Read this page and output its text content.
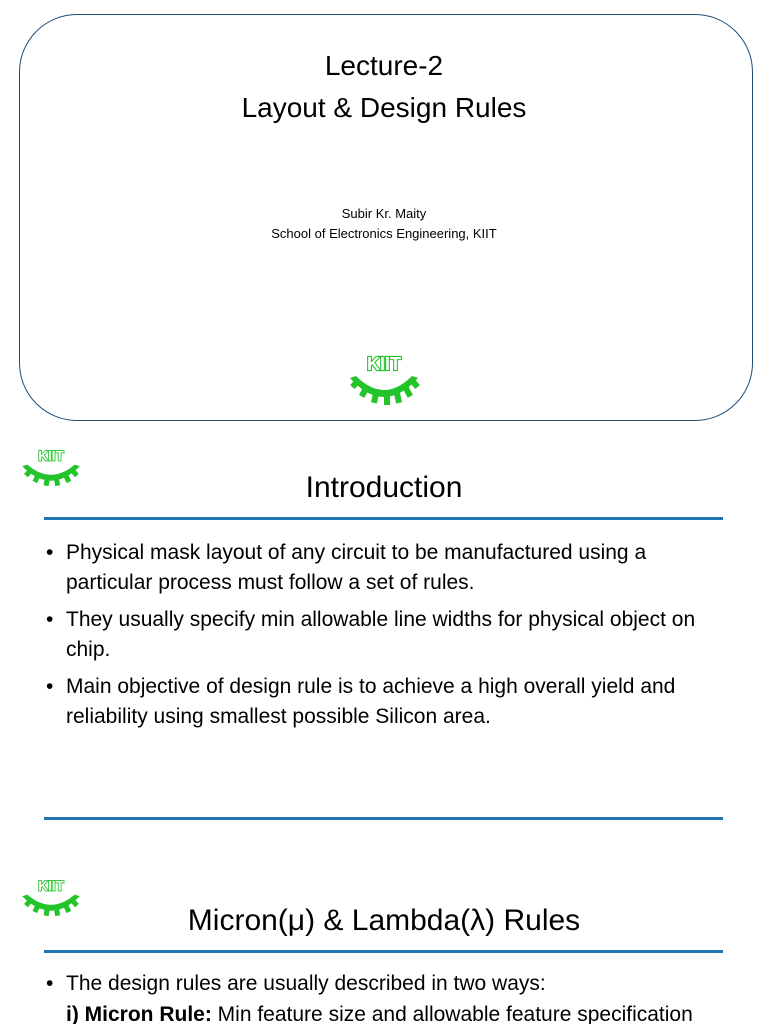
Lecture-2
Layout & Design Rules
Subir Kr. Maity
School of Electronics Engineering, KIIT
KIIT
KIIT
Introduction
• Physical mask layout of any circuit to be manufactured using a particular process must follow a set of rules.
• They usually specify min allowable line widths for physical object on chip.
• Main objective of design rule is to achieve a high overall yield and reliability using smallest possible Silicon area.
KIIT
Micron(μ) & Lambda(λ) Rules
• The design rules are usually described in two ways:
i) Micron Rule: Min feature size and allowable feature specification
